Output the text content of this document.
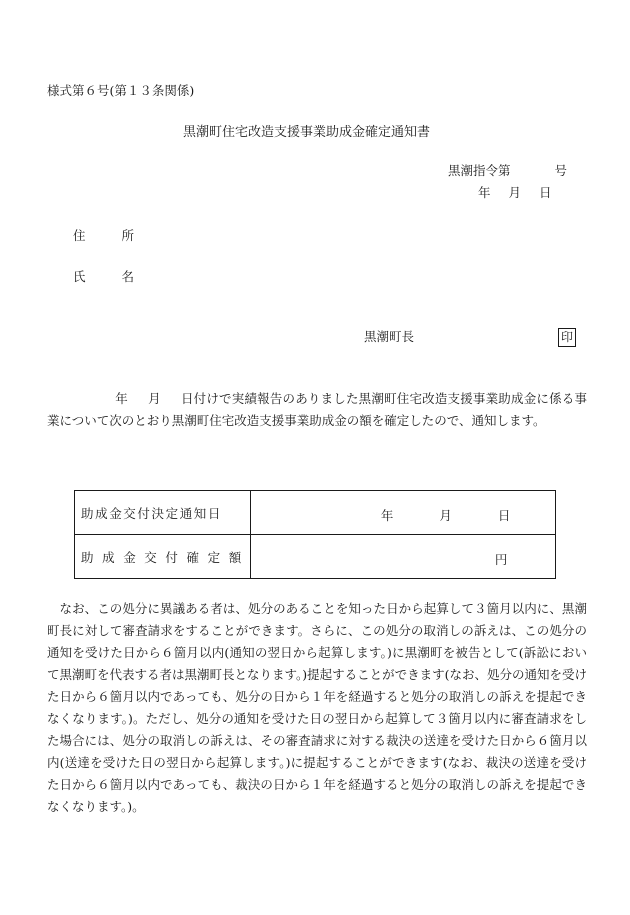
様式第６号(第１３条関係)
黒潮町住宅改造支援事業助成金確定通知書
黒潮指令第	号
年 月 日
住	所
氏	名
黒潮町長	印
年 月 日付けで実績報告のありました黒潮町住宅改造支援事業助成金に係る事業について次のとおり黒潮町住宅改造支援事業助成金の額を確定したので、通知します。
助成金交付決定通知日	年 月 日

助成金交付確定額	円
　なお、この処分に異議ある者は、処分のあることを知った日から起算して３箇月以内に、黒潮町長に対して審査請求をすることができます。さらに、この処分の取消しの訴えは、この処分の通知を受けた日から６箇月以内(通知の翌日から起算します。)に黒潮町を被告として(訴訟において黒潮町を代表する者は黒潮町長となります。)提起することができます(なお、処分の通知を受けた日から６箇月以内であっても、処分の日から１年を経過すると処分の取消しの訴えを提起できなくなります。)。ただし、処分の通知を受けた日の翌日から起算して３箇月以内に審査請求をした場合には、処分の取消しの訴えは、その審査請求に対する裁決の送達を受けた日から６箇月以内(送達を受けた日の翌日から起算します。)に提起することができます(なお、裁決の送達を受けた日から６箇月以内であっても、裁決の日から１年を経過すると処分の取消しの訴えを提起できなくなります。)。
